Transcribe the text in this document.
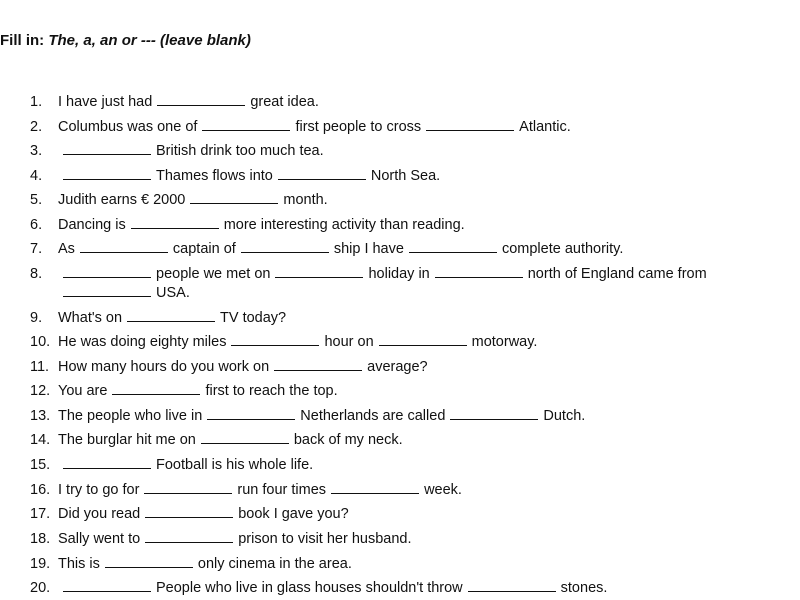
Fill in: The, a, an or --- (leave blank)
1. I have just had	great idea.
2. Columbus was one of	first people to cross	Atlantic.
3.	British drink too much tea.
4.	Thames flows into	North Sea.
5. Judith earns € 2000	month.
6. Dancing is	more interesting activity than reading.
7. As	captain of	ship I have	complete authority.
8.	people we met on	holiday in	north of England came from
USA.
9. What's on	TV today?
10. He was doing eighty miles	hour on	motorway.
11. How many hours do you work on	average?
12. You are	first to reach the top.
13. The people who live in	Netherlands are called	Dutch.
14. The burglar hit me on	back of my neck.
15.	Football is his whole life.
16. I try to go for	run four times	week.
17. Did you read	book I gave you?
18. Sally went to	prison to visit her husband.
19. This is	only cinema in the area.
20.	People who live in glass houses shouldn't throw	stones.
